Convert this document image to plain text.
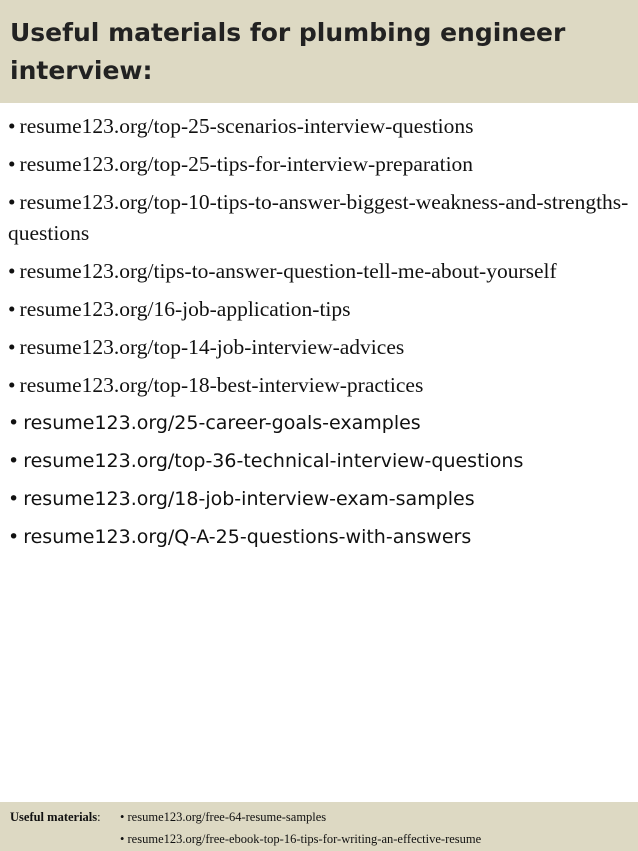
Useful materials for plumbing engineer interview:
• resume123.org/top-25-scenarios-interview-questions
• resume123.org/top-25-tips-for-interview-preparation
• resume123.org/top-10-tips-to-answer-biggest-weakness-and-strengths-questions
• resume123.org/tips-to-answer-question-tell-me-about-yourself
• resume123.org/16-job-application-tips
• resume123.org/top-14-job-interview-advices
• resume123.org/top-18-best-interview-practices
• resume123.org/25-career-goals-examples
• resume123.org/top-36-technical-interview-questions
• resume123.org/18-job-interview-exam-samples
• resume123.org/Q-A-25-questions-with-answers
Useful materials:	• resume123.org/free-64-resume-samples
• resume123.org/free-ebook-top-16-tips-for-writing-an-effective-resume
